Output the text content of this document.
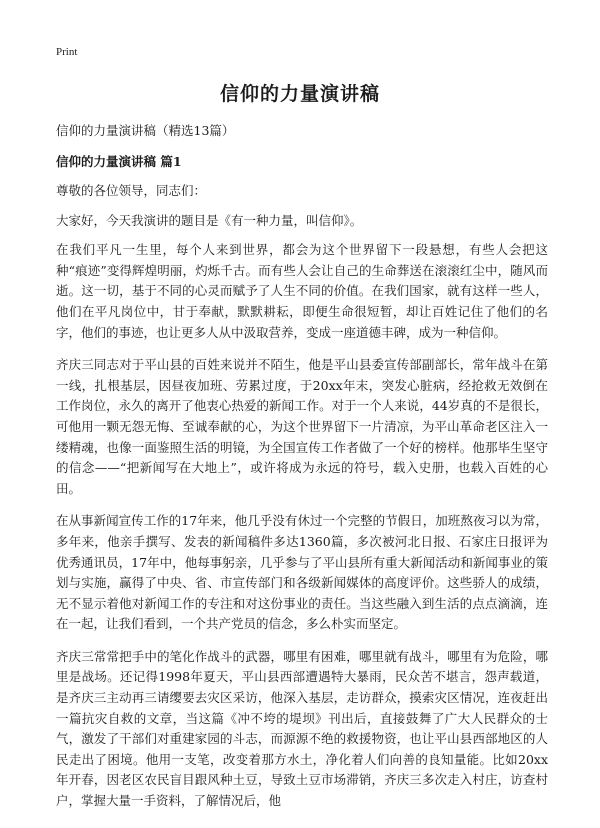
Print
信仰的力量演讲稿
信仰的力量演讲稿（精选13篇）
信仰的力量演讲稿 篇1

尊敬的各位领导，同志们：

大家好，今天我演讲的题目是《有一种力量，叫信仰》。

在我们平凡一生里，每个人来到世界，都会为这个世界留下一段悬想，有些人会把这种“痕迹”变得辉煌明丽，灼烁千古。而有些人会让自己的生命葬送在滚滚红尘中，随风而逝。这一切，基于不同的心灵而赋予了人生不同的价值。在我们国家，就有这样一些人，他们在平凡岗位中，甘于奉献，默默耕耘，即便生命很短暂，却让百姓记住了他们的名字，他们的事迹，也让更多人从中汲取营养，变成一座道德丰碑，成为一种信仰。

齐庆三同志对于平山县的百姓来说并不陌生，他是平山县委宣传部副部长，常年战斗在第一线，扎根基层，因昼夜加班、劳累过度，于20xx年末，突发心脏病，经抢救无效倒在工作岗位，永久的离开了他衷心热爱的新闻工作。对于一个人来说，44岁真的不是很长，可他用一颗无怨无悔、至诚奉献的心，为这个世界留下一片清凉，为平山革命老区注入一缕精魂，也像一面鉴照生活的明镜，为全国宣传工作者做了一个好的榜样。他那毕生坚守的信念——“把新闻写在大地上”，或许将成为永远的符号，载入史册，也载入百姓的心田。

在从事新闻宣传工作的17年来，他几乎没有休过一个完整的节假日，加班熬夜习以为常，多年来，他亲手撰写、发表的新闻稿件多达1360篇，多次被河北日报、石家庄日报评为优秀通讯员，17年中，他每事躬亲，几乎参与了平山县所有重大新闻活动和新闻事业的策划与实施，赢得了中央、省、市宣传部门和各级新闻媒体的高度评价。这些骄人的成绩，无不显示着他对新闻工作的专注和对这份事业的责任。当这些融入到生活的点点滴滴，连在一起，让我们看到，一个共产党员的信念，多么朴实而坚定。

齐庆三常常把手中的笔化作战斗的武器，哪里有困难，哪里就有战斗，哪里有为危险，哪里是战场。还记得1998年夏天，平山县西部遭遇特大暴雨，民众苦不堪言，怨声载道，是齐庆三主动再三请缨要去灾区采访，他深入基层，走访群众，摸索灾区情况，连夜赶出一篇抗灾自救的文章，当这篇《冲不垮的堤坝》刊出后，直接鼓舞了广大人民群众的士气，激发了干部们对重建家园的斗志，而源源不绝的救援物资，也让平山县西部地区的人民走出了困境。他用一支笔，改变着那方水土，净化着人们向善的良知量能。比如20xx年开春，因老区农民盲目跟风种土豆，导致土豆市场滞销，齐庆三多次走入村庄，访查村户，掌握大量一手资料，了解情况后，他
